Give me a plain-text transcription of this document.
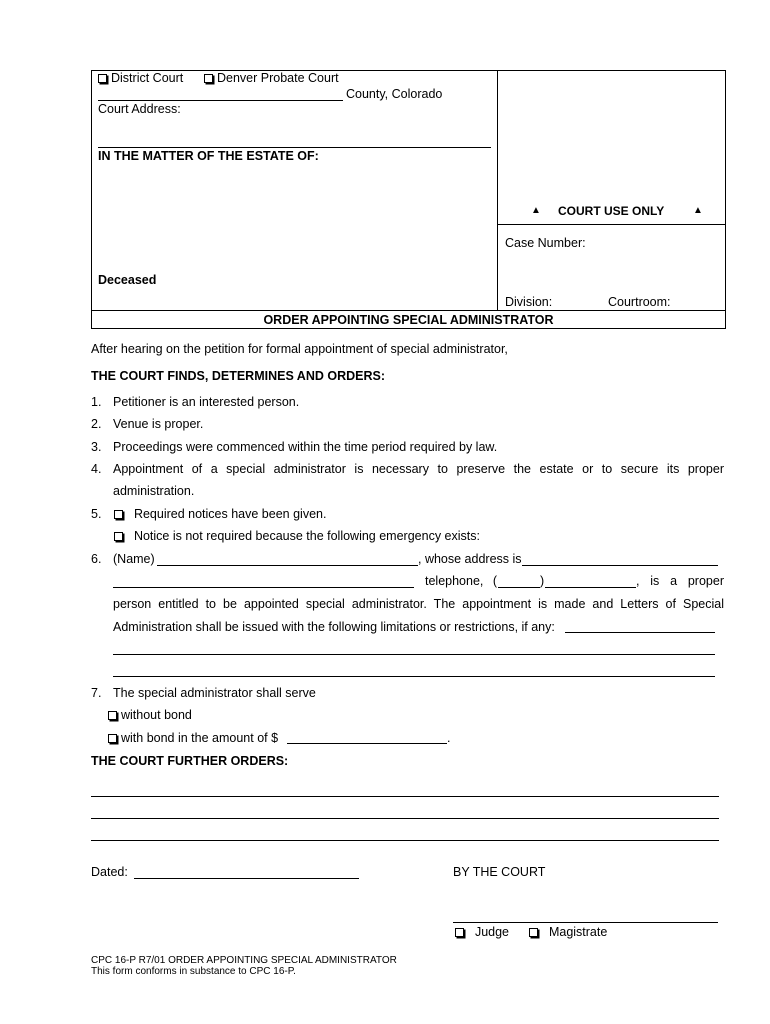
District Court	Denver Probate Court
County, Colorado
Court Address:
IN THE MATTER OF THE ESTATE OF:
Deceased
▲ COURT USE ONLY	▲
Case Number:
Division:	Courtroom:
ORDER APPOINTING SPECIAL ADMINISTRATOR
After hearing on the petition for formal appointment of special administrator,
THE COURT FINDS, DETERMINES AND ORDERS:
1. Petitioner is an interested person.
2. Venue is proper.
3. Proceedings were commenced within the time period required by law.
4. Appointment of a special administrator is necessary to preserve the estate or to secure its proper
administration.
5.	Required notices have been given.
Notice is not required because the following emergency exists:
6. (Name)	, whose address is
telephone, (	)	, is a proper
person entitled to be appointed special administrator. The appointment is made and Letters of Special
Administration shall be issued with the following limitations or restrictions, if any:
7. The special administrator shall serve
without bond
with bond in the amount of $	.
THE COURT FURTHER ORDERS:
Dated:	BY THE COURT
Judge	Magistrate
CPC 16-P R7/01 ORDER APPOINTING SPECIAL ADMINISTRATOR
This form conforms in substance to CPC 16-P.
